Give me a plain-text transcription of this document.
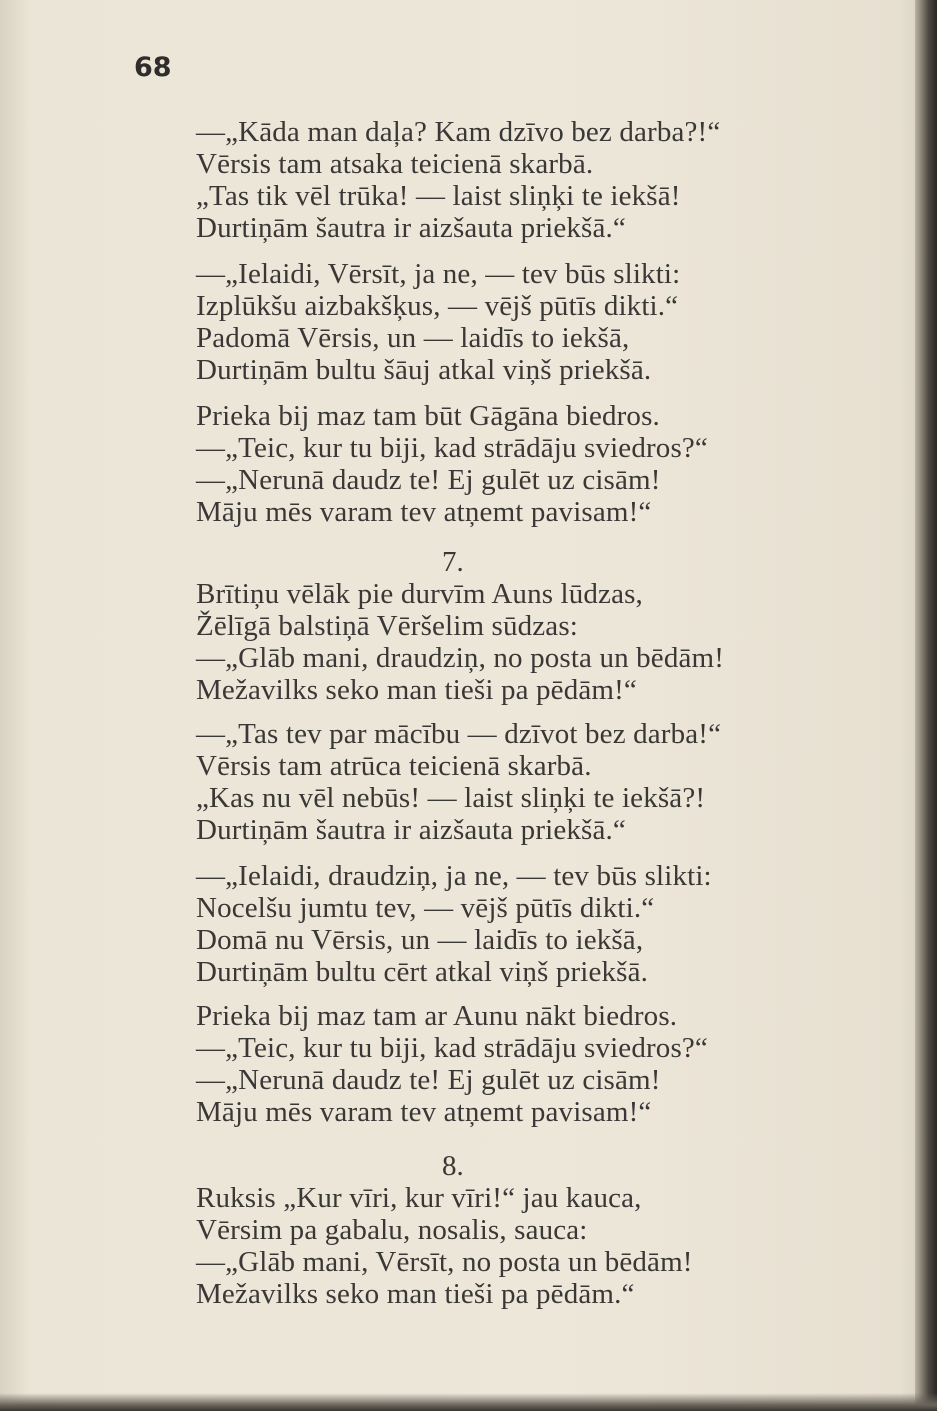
68
—„Kāda man daļa? Kam dzīvo bez darba?!“
Vērsis tam atsaka teicienā skarbā.
„Tas tik vēl trūka! — laist sliņķi te iekšā!
Durtiņām šautra ir aizšauta priekšā.“
—„Ielaidi, Vērsīt, ja ne, — tev būs slikti:
Izplūkšu aizbakšķus, — vējš pūtīs dikti.“
Padomā Vērsis, un — laidīs to iekšā,
Durtiņām bultu šāuj atkal viņš priekšā.
Prieka bij maz tam būt Gāgāna biedros.
—„Teic, kur tu biji, kad strādāju sviedros?“
—„Nerunā daudz te! Ej gulēt uz cisām!
Māju mēs varam tev atņemt pavisam!“
7.
Brītiņu vēlāk pie durvīm Auns lūdzas,
Žēlīgā balstiņā Vēršelim sūdzas:
—„Glāb mani, draudziņ, no posta un bēdām!
Mežavilks seko man tieši pa pēdām!“
—„Tas tev par mācību — dzīvot bez darba!“
Vērsis tam atrūca teicienā skarbā.
„Kas nu vēl nebūs! — laist sliņķi te iekšā?!
Durtiņām šautra ir aizšauta priekšā.“
—„Ielaidi, draudziņ, ja ne, — tev būs slikti:
Nocelšu jumtu tev, — vējš pūtīs dikti.“
Domā nu Vērsis, un — laidīs to iekšā,
Durtiņām bultu cērt atkal viņš priekšā.
Prieka bij maz tam ar Aunu nākt biedros.
—„Teic, kur tu biji, kad strādāju sviedros?“
—„Nerunā daudz te! Ej gulēt uz cisām!
Māju mēs varam tev atņemt pavisam!“
8.
Ruksis „Kur vīri, kur vīri!“ jau kauca,
Vērsim pa gabalu, nosalis, sauca:
—„Glāb mani, Vērsīt, no posta un bēdām!
Mežavilks seko man tieši pa pēdām.“
